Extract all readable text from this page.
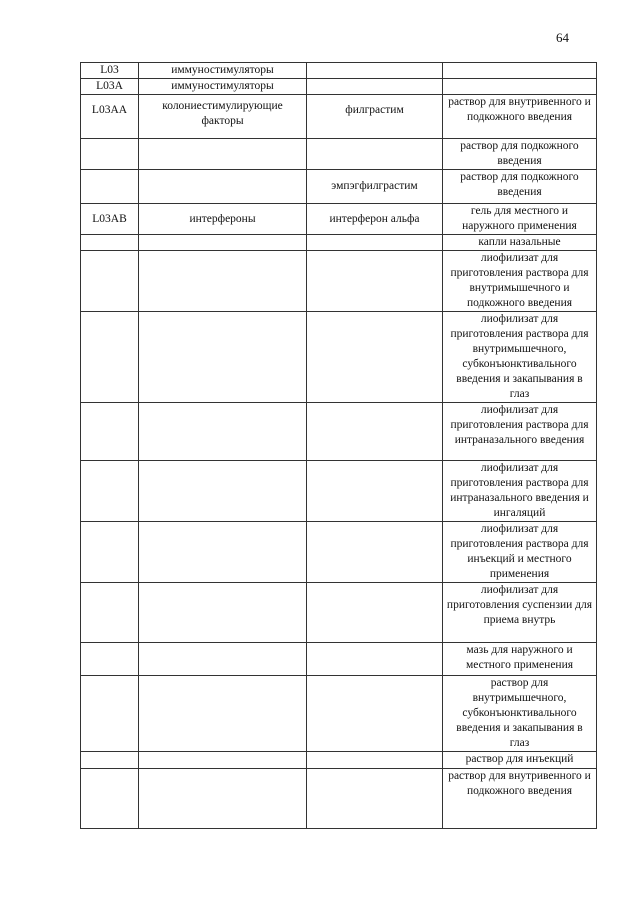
64
L03	иммуностимуляторы		
L03A	иммуностимуляторы		
L03AA	колониестимулирующие факторы	филграстим	раствор для внутривенного и подкожного введения
			раствор для подкожного введения
		эмпэгфилграстим	раствор для подкожного введения
L03AB	интерфероны	интерферон альфа	гель для местного и наружного применения
			капли назальные
			лиофилизат для приготовления раствора для внутримышечного и подкожного введения
			лиофилизат для приготовления раствора для внутримышечного, субконъюнктивального введения и закапывания в глаз
			лиофилизат для приготовления раствора для интраназального введения
			лиофилизат для приготовления раствора для интраназального введения и ингаляций
			лиофилизат для приготовления раствора для инъекций и местного применения
			лиофилизат для приготовления суспензии для приема внутрь
			мазь для наружного и местного применения
			раствор для внутримышечного, субконъюнктивального введения и закапывания в глаз
			раствор для инъекций
			раствор для внутривенного и подкожного введения
